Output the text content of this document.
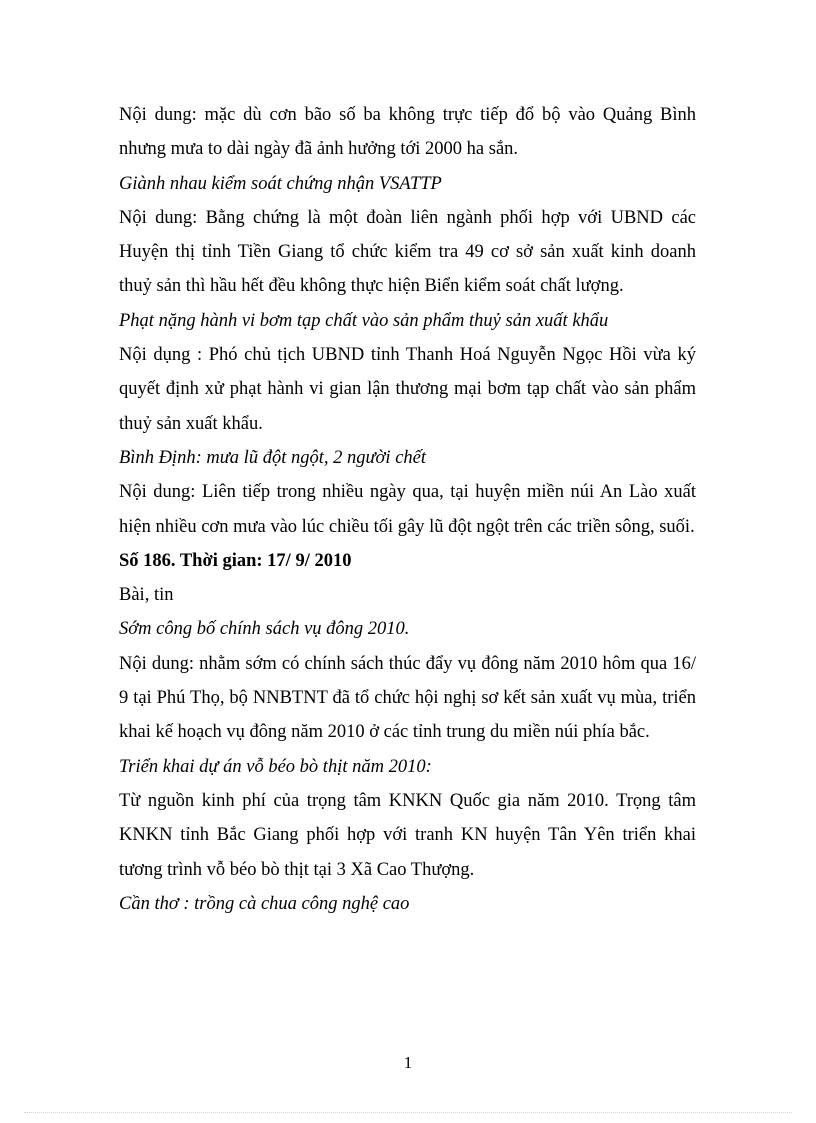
Nội dung: mặc dù cơn bão số ba không trực tiếp đổ bộ vào Quảng Bình nhưng mưa to dài ngày đã ảnh hưởng tới 2000 ha sắn.

Giành nhau kiểm soát chứng nhận VSATTP

Nội dung: Bằng chứng là một đoàn liên ngành phối hợp với UBND các Huyện thị tỉnh Tiền Giang tổ chức kiểm tra 49 cơ sở sản xuất kinh doanh thuỷ sản thì hầu hết đều không thực hiện Biển kiểm soát chất lượng.

Phạt nặng hành vi bơm tạp chất vào sản phẩm thuỷ sản xuất khẩu

Nội dụng : Phó chủ tịch UBND tỉnh Thanh Hoá Nguyễn Ngọc Hồi vừa ký quyết định xử phạt hành vi gian lận thương mại bơm tạp chất vào sản phẩm thuỷ sản xuất khẩu.

Bình Định: mưa lũ đột ngột, 2 người chết

Nội dung: Liên tiếp trong nhiều ngày qua, tại huyện miền núi An Lào xuất hiện nhiều cơn mưa vào lúc chiều tối gây lũ đột ngột trên các triền sông, suối.

Số 186. Thời gian: 17/ 9/ 2010

Bài, tin

Sớm công bố chính sách vụ đông 2010.

Nội dung: nhằm sớm có chính sách thúc đẩy vụ đông năm 2010 hôm qua 16/ 9 tại Phú Thọ, bộ NNBTNT đã tổ chức hội nghị sơ kết sản xuất vụ mùa, triển khai kế hoạch vụ đông năm 2010 ở các tỉnh trung du miền núi phía bắc.

Triển khai dự án vỗ béo bò thịt năm 2010:

Từ nguồn kinh phí của trọng tâm KNKN Quốc gia năm 2010. Trọng tâm KNKN tỉnh Bắc Giang phối hợp với tranh KN huyện Tân Yên triển khai tương trình vỗ béo bò thịt tại 3 Xã Cao Thượng.

Cần thơ : trồng cà chua công nghệ cao

1
